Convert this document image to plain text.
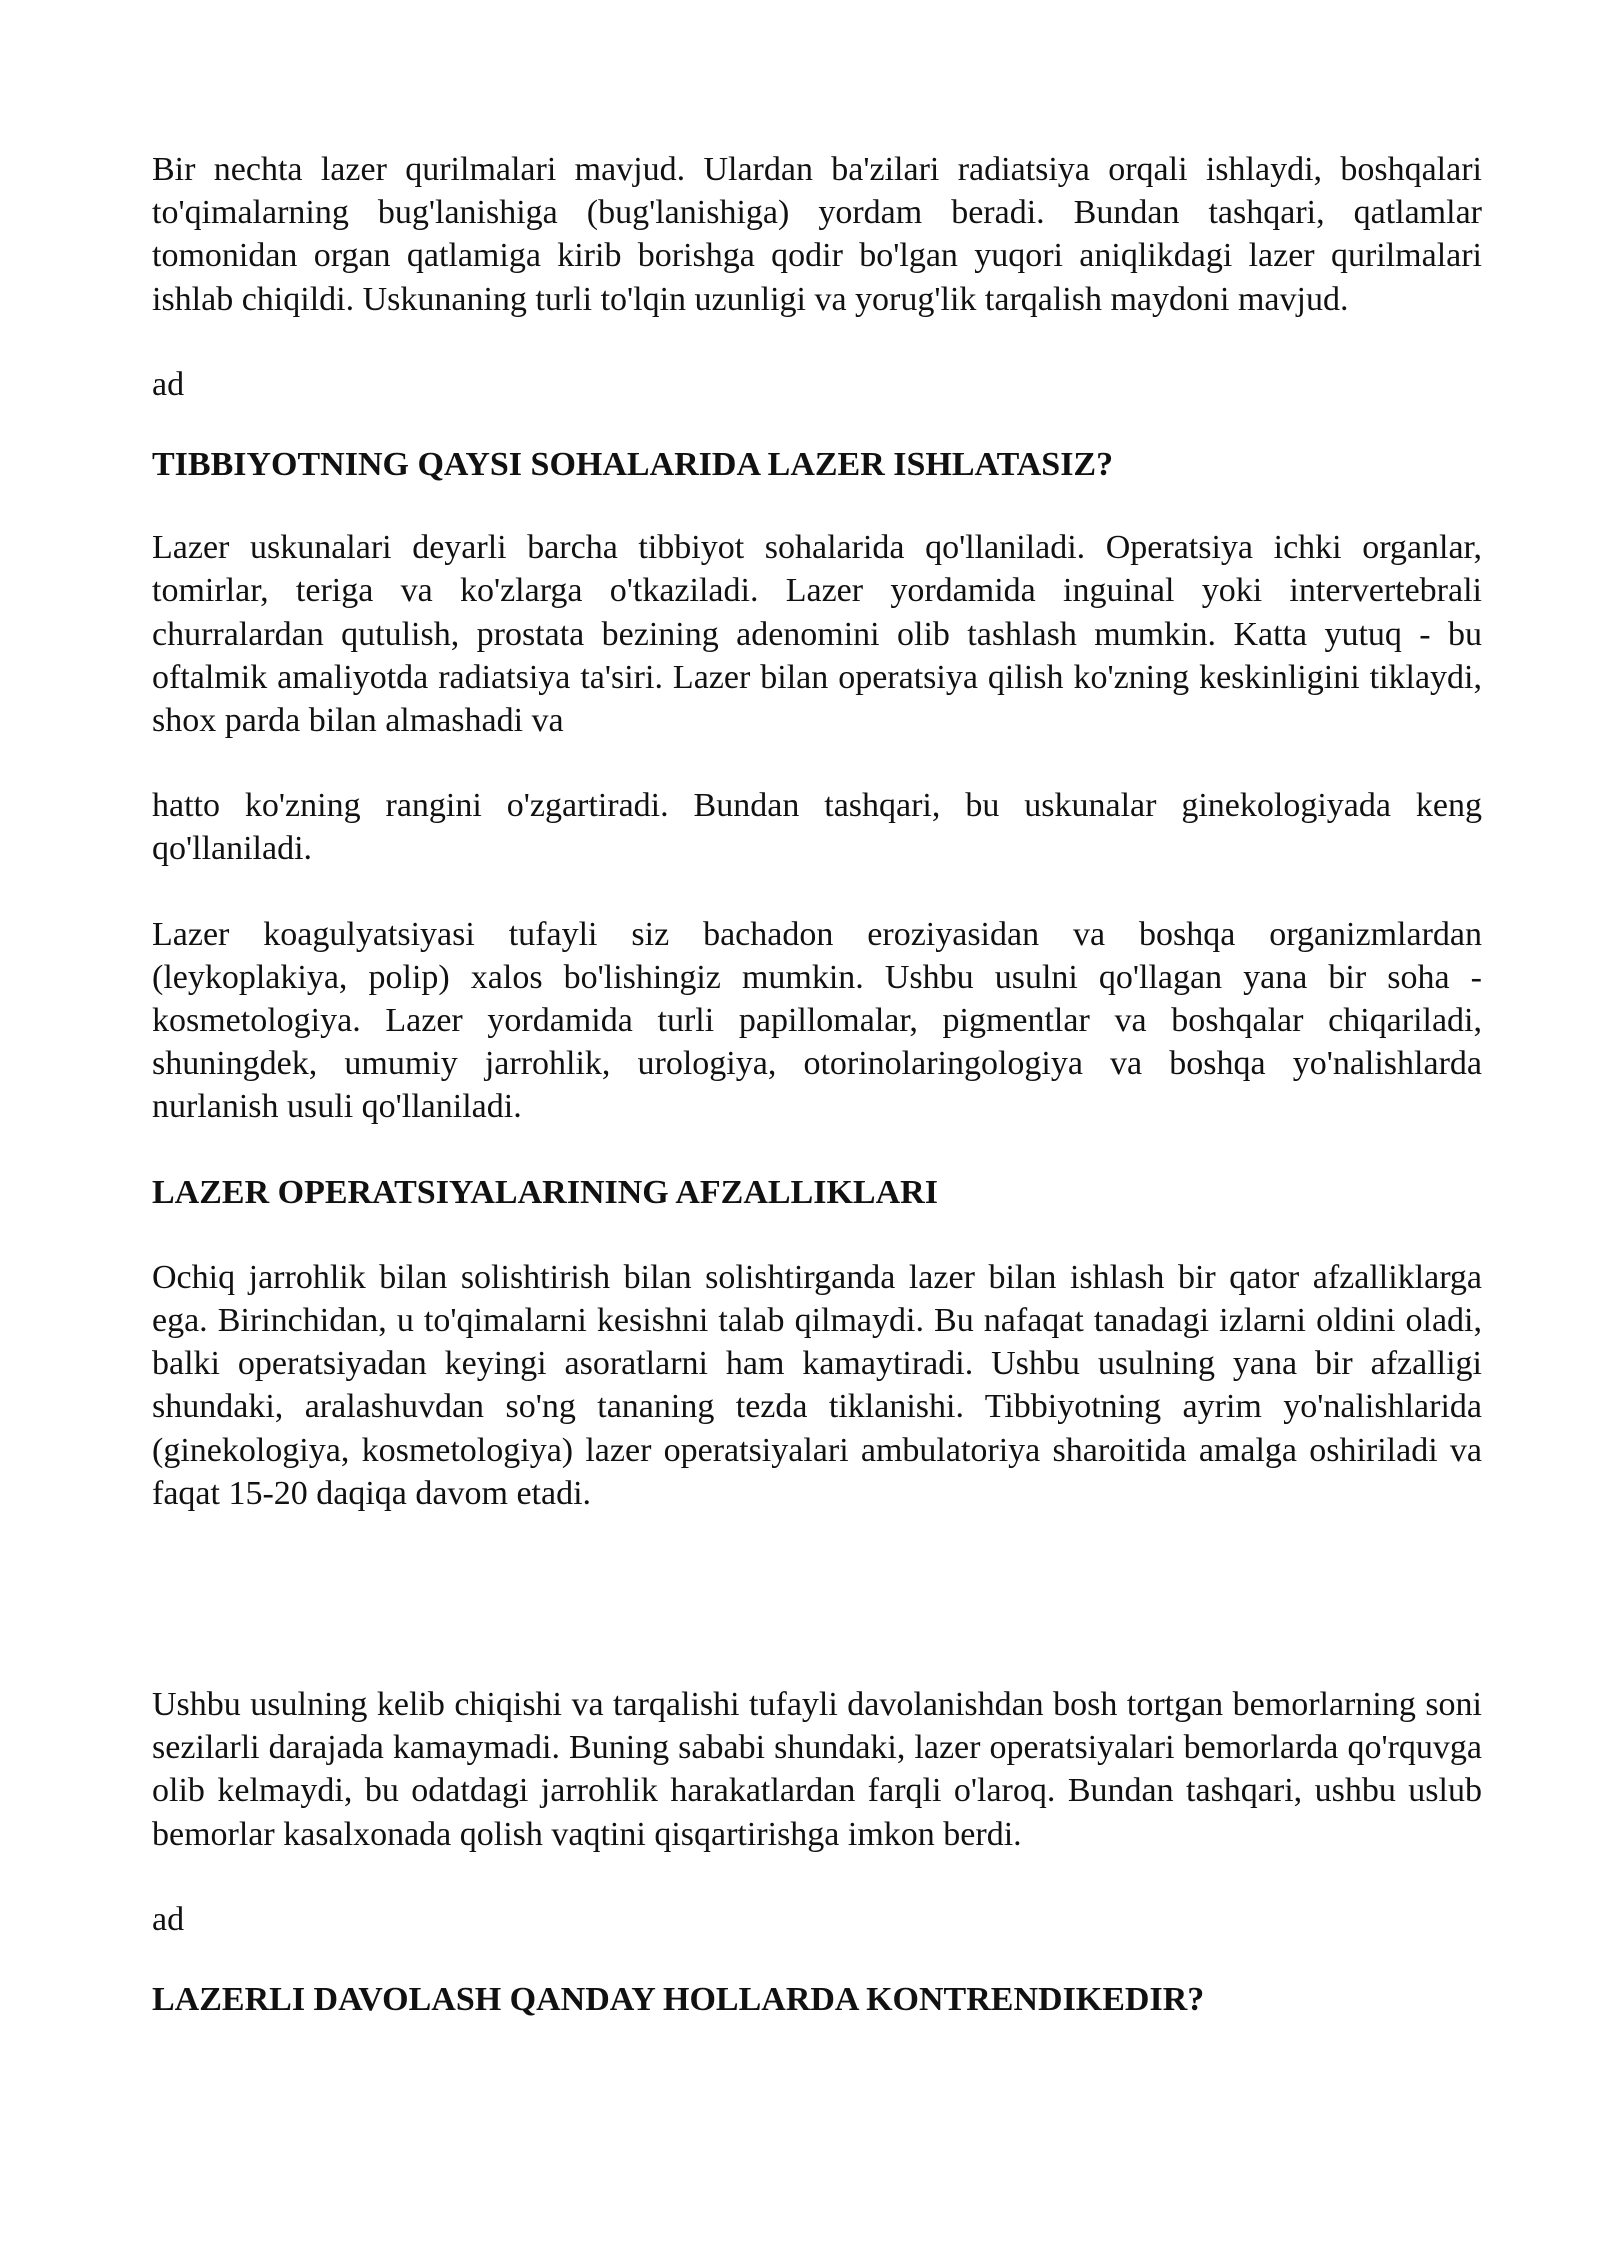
Bir nechta lazer qurilmalari mavjud. Ulardan ba'zilari radiatsiya orqali ishlaydi, boshqalari to'qimalarning bug'lanishiga (bug'lanishiga) yordam beradi. Bundan tashqari, qatlamlar tomonidan organ qatlamiga kirib borishga qodir bo'lgan yuqori aniqlikdagi lazer qurilmalari ishlab chiqildi. Uskunaning turli to'lqin uzunligi va yorug'lik tarqalish maydoni mavjud.

ad

TIBBIYOTNING QAYSI SOHALARIDA LAZER ISHLATASIZ?

Lazer uskunalari deyarli barcha tibbiyot sohalarida qo'llaniladi. Operatsiya ichki organlar, tomirlar, teriga va ko'zlarga o'tkaziladi. Lazer yordamida inguinal yoki intervertebrali churralardan qutulish, prostata bezining adenomini olib tashlash mumkin. Katta yutuq - bu oftalmik amaliyotda radiatsiya ta'siri. Lazer bilan operatsiya qilish ko'zning keskinligini tiklaydi, shox parda bilan almashadi va

hatto ko'zning rangini o'zgartiradi. Bundan tashqari, bu uskunalar ginekologiyada keng qo'llaniladi.

Lazer koagulyatsiyasi tufayli siz bachadon eroziyasidan va boshqa organizmlardan (leykoplakiya, polip) xalos bo'lishingiz mumkin. Ushbu usulni qo'llagan yana bir soha - kosmetologiya. Lazer yordamida turli papillomalar, pigmentlar va boshqalar chiqariladi, shuningdek, umumiy jarrohlik, urologiya, otorinolaringologiya va boshqa yo'nalishlarda nurlanish usuli qo'llaniladi.

LAZER OPERATSIYALARINING AFZALLIKLARI

Ochiq jarrohlik bilan solishtirish bilan solishtirganda lazer bilan ishlash bir qator afzalliklarga ega. Birinchidan, u to'qimalarni kesishni talab qilmaydi. Bu nafaqat tanadagi izlarni oldini oladi, balki operatsiyadan keyingi asoratlarni ham kamaytiradi. Ushbu usulning yana bir afzalligi shundaki, aralashuvdan so'ng tananing tezda tiklanishi. Tibbiyotning ayrim yo'nalishlarida (ginekologiya, kosmetologiya) lazer operatsiyalari ambulatoriya sharoitida amalga oshiriladi va faqat 15-20 daqiqa davom etadi.

Ushbu usulning kelib chiqishi va tarqalishi tufayli davolanishdan bosh tortgan bemorlarning soni sezilarli darajada kamaymadi. Buning sababi shundaki, lazer operatsiyalari bemorlarda qo'rquvga olib kelmaydi, bu odatdagi jarrohlik harakatlardan farqli o'laroq. Bundan tashqari, ushbu uslub bemorlar kasalxonada qolish vaqtini qisqartirishga imkon berdi.

ad

LAZERLI DAVOLASH QANDAY HOLLARDA KONTRENDIKEDIR?
